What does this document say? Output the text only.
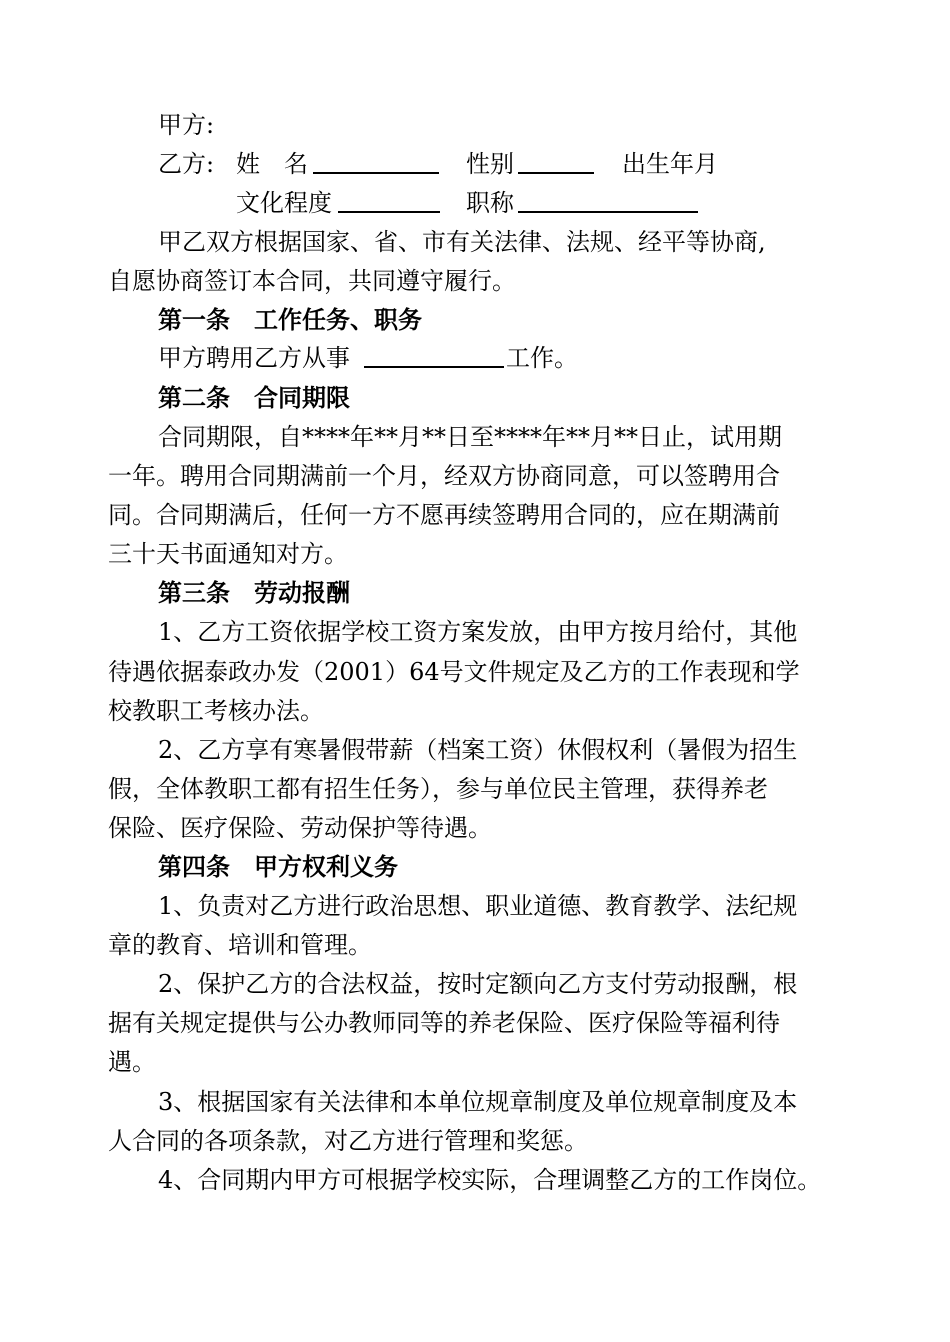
甲方:
乙方: 姓　名	性别	出生年月
文化程度	职称
甲乙双方根据国家、省、市有关法律、法规、经平等协商,
自愿协商签订本合同，共同遵守履行。
第一条　工作任务、职务
甲方聘用乙方从事	工作。
第二条　合同期限
合同期限，自****年**月**日至****年**月**日止，试用期
一年。聘用合同期满前一个月，经双方协商同意，可以签聘用合
同。合同期满后，任何一方不愿再续签聘用合同的，应在期满前
三十天书面通知对方。
第三条　劳动报酬
1、乙方工资依据学校工资方案发放，由甲方按月给付，其他
待遇依据泰政办发（2001）64号文件规定及乙方的工作表现和学
校教职工考核办法。
2、乙方享有寒暑假带薪（档案工资）休假权利（暑假为招生
假，全体教职工都有招生任务），参与单位民主管理，获得养老
保险、医疗保险、劳动保护等待遇。
第四条　甲方权利义务
1、负责对乙方进行政治思想、职业道德、教育教学、法纪规
章的教育、培训和管理。
2、保护乙方的合法权益，按时定额向乙方支付劳动报酬，根
据有关规定提供与公办教师同等的养老保险、医疗保险等福利待
遇。
3、根据国家有关法律和本单位规章制度及单位规章制度及本
人合同的各项条款，对乙方进行管理和奖惩。
4、合同期内甲方可根据学校实际，合理调整乙方的工作岗位。
